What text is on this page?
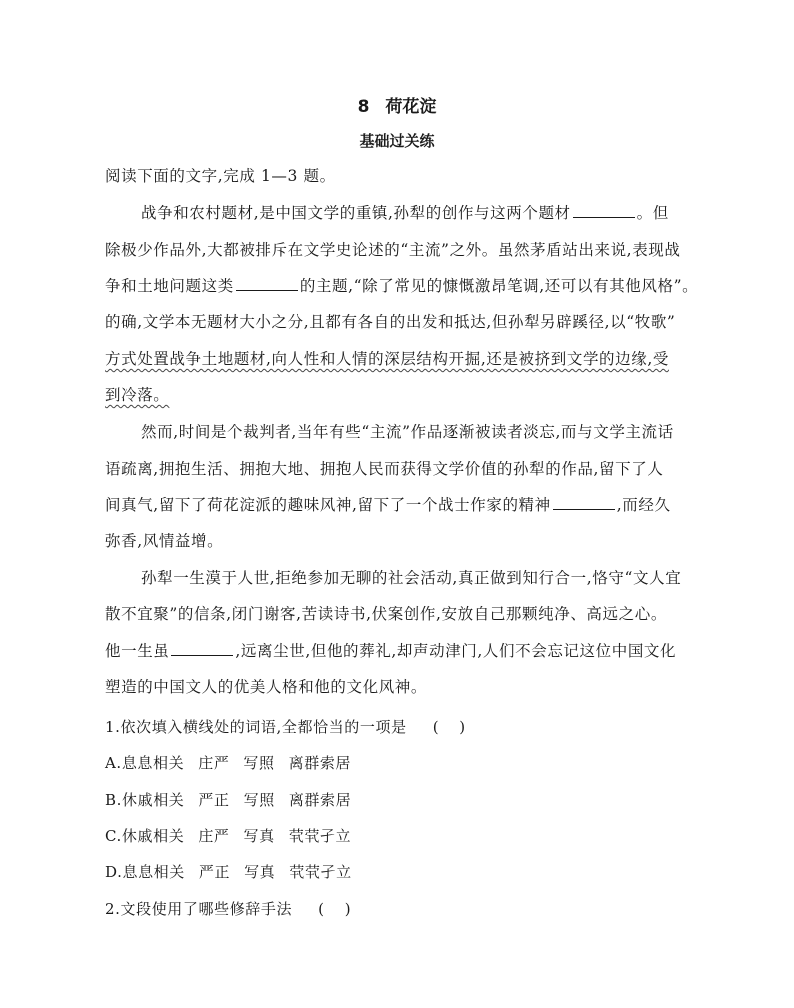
8 荷花淀
基础过关练
阅读下面的文字,完成 1—3 题。
战争和农村题材,是中国文学的重镇,孙犁的创作与这两个题材	。但
除极少作品外,大都被排斥在文学史论述的“主流”之外。虽然茅盾站出来说,表现战
争和土地问题这类	的主题,“除了常见的慷慨激昂笔调,还可以有其他风格”。
的确,文学本无题材大小之分,且都有各自的出发和抵达,但孙犁另辟蹊径,以“牧歌”
方式处置战争土地题材,向人性和人情的深层结构开掘,还是被挤到文学的边缘,受
到冷落。
然而,时间是个裁判者,当年有些“主流”作品逐渐被读者淡忘,而与文学主流话
语疏离,拥抱生活、拥抱大地、拥抱人民而获得文学价值的孙犁的作品,留下了人
间真气,留下了荷花淀派的趣味风神,留下了一个战士作家的精神	,而经久
弥香,风情益增。
孙犁一生漠于人世,拒绝参加无聊的社会活动,真正做到知行合一,恪守“文人宜
散不宜聚”的信条,闭门谢客,苦读诗书,伏案创作,安放自己那颗纯净、高远之心。
他一生虽	,远离尘世,但他的葬礼,却声动津门,人们不会忘记这位中国文化
塑造的中国文人的优美人格和他的文化风神。
1.依次填入横线处的词语,全都恰当的一项是 ( )
A.息息相关 庄严 写照 离群索居
B.休戚相关 严正 写照 离群索居
C.休戚相关 庄严 写真 茕茕孑立
D.息息相关 严正 写真 茕茕孑立
2.文段使用了哪些修辞手法 ( )
